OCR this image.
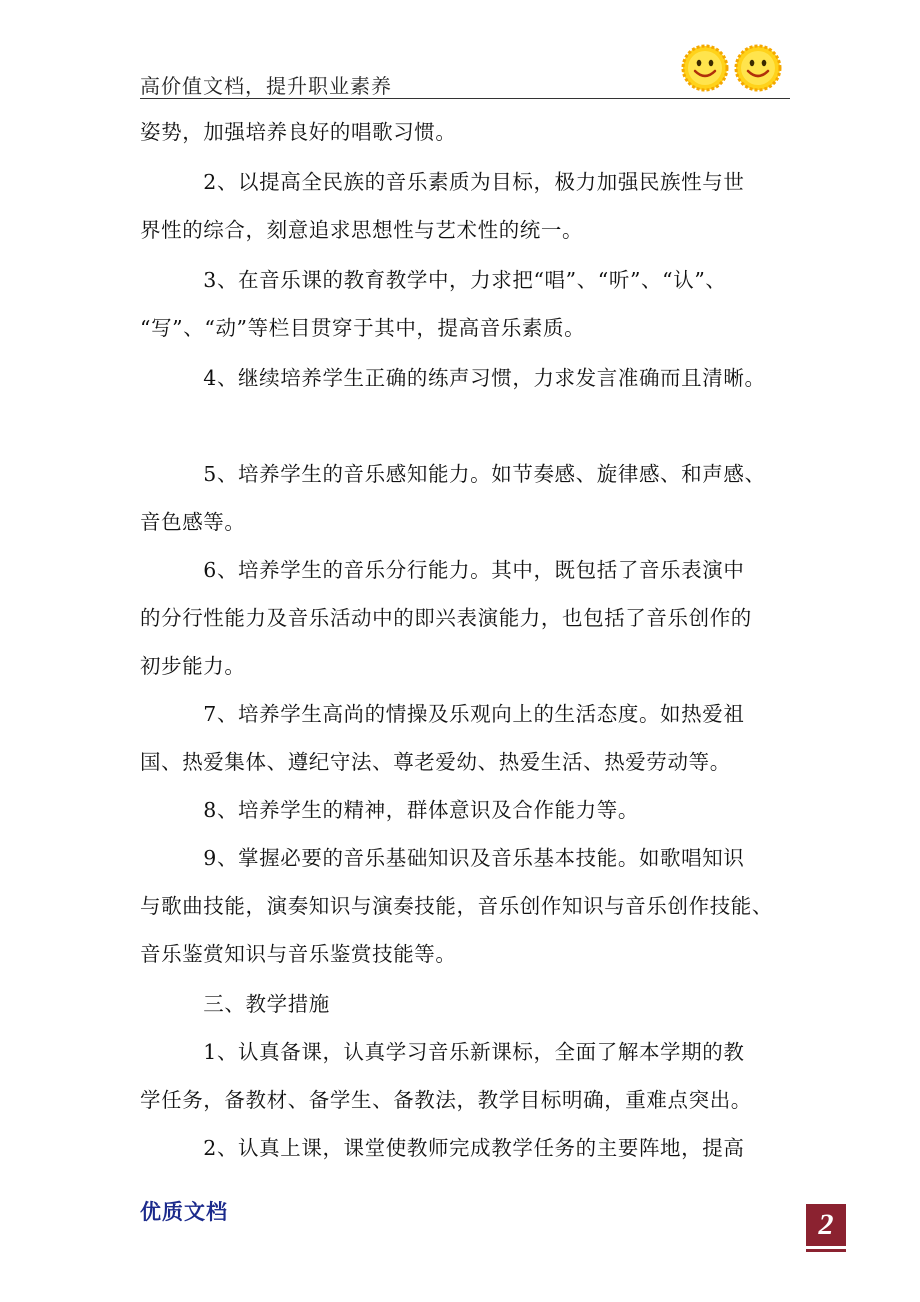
高价值文档，提升职业素养
姿势，加强培养良好的唱歌习惯。
　　　2、以提高全民族的音乐素质为目标，极力加强民族性与世
界性的综合，刻意追求思想性与艺术性的统一。
　　　3、在音乐课的教育教学中，力求把“唱”、“听”、“认”、
“写”、“动”等栏目贯穿于其中，提高音乐素质。
　　　4、继续培养学生正确的练声习惯，力求发言准确而且清晰。
　　　5、培养学生的音乐感知能力。如节奏感、旋律感、和声感、
音色感等。
　　　6、培养学生的音乐分行能力。其中，既包括了音乐表演中
的分行性能力及音乐活动中的即兴表演能力，也包括了音乐创作的
初步能力。
　　　7、培养学生高尚的情操及乐观向上的生活态度。如热爱祖
国、热爱集体、遵纪守法、尊老爱幼、热爱生活、热爱劳动等。
　　　8、培养学生的精神，群体意识及合作能力等。
　　　9、掌握必要的音乐基础知识及音乐基本技能。如歌唱知识
与歌曲技能，演奏知识与演奏技能，音乐创作知识与音乐创作技能、
音乐鉴赏知识与音乐鉴赏技能等。
　　　三、教学措施
　　　1、认真备课，认真学习音乐新课标，全面了解本学期的教
学任务，备教材、备学生、备教法，教学目标明确，重难点突出。
　　　2、认真上课，课堂使教师完成教学任务的主要阵地，提高
优质文档	2
